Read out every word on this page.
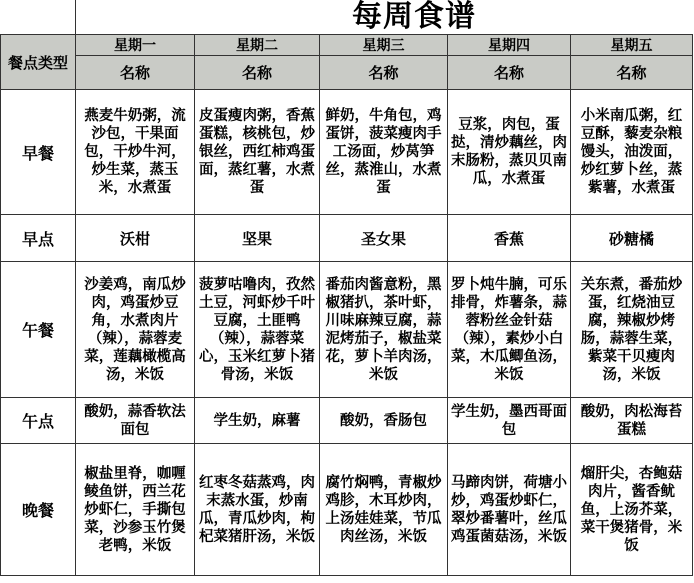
每周食谱
餐点类型	星期一	星期二	星期三	星期四	星期五
	名称	名称	名称	名称	名称
早餐	燕麦牛奶粥，流沙包，干果面包，干炒牛河，炒生菜，蒸玉米，水煮蛋	皮蛋瘦肉粥，香蕉蛋糕，核桃包，炒银丝，西红柿鸡蛋面，蒸红薯，水煮蛋	鲜奶，牛角包，鸡蛋饼，菠菜瘦肉手工汤面，炒莴笋丝，蒸淮山，水煮蛋	豆浆，肉包，蛋挞，清炒藕丝，肉末肠粉，蒸贝贝南瓜，水煮蛋	小米南瓜粥，红豆酥，藜麦杂粮馒头，油泼面，炒红萝卜丝，蒸紫薯，水煮蛋
早点	沃柑	坚果	圣女果	香蕉	砂糖橘
午餐	沙姜鸡，南瓜炒肉，鸡蛋炒豆角，水煮肉片（辣），蒜蓉麦菜，莲藕橄榄高汤，米饭	菠萝咕噜肉，孜然土豆，河虾炒千叶豆腐，土匪鸭（辣），蒜蓉菜心，玉米红萝卜猪骨汤，米饭	番茄肉酱意粉，黑椒猪扒，茶叶虾，川味麻辣豆腐，蒜泥烤茄子，椒盐菜花，萝卜羊肉汤，米饭	罗卜炖牛腩，可乐排骨，炸薯条，蒜蓉粉丝金针菇（辣），素炒小白菜，木瓜鲫鱼汤，米饭	关东煮，番茄炒蛋，红烧油豆腐，辣椒炒烤肠，蒜蓉生菜，紫菜干贝瘦肉汤，米饭
午点	酸奶，蒜香软法面包	学生奶，麻薯	酸奶，香肠包	学生奶，墨西哥面包	酸奶，肉松海苔蛋糕
晚餐	椒盐里脊，咖喱鲮鱼饼，西兰花炒虾仁，手撕包菜，沙参玉竹煲老鸭，米饭	红枣冬菇蒸鸡，肉末蒸水蛋，炒南瓜，青瓜炒肉，枸杞菜猪肝汤，米饭	腐竹焖鸭，青椒炒鸡胗，木耳炒肉，上汤娃娃菜，节瓜肉丝汤，米饭	马蹄肉饼，荷塘小炒，鸡蛋炒虾仁，翠炒番薯叶，丝瓜鸡蛋菌菇汤，米饭	熘肝尖，杏鲍菇肉片，酱香鱿鱼，上汤芥菜，菜干煲猪骨，米饭
